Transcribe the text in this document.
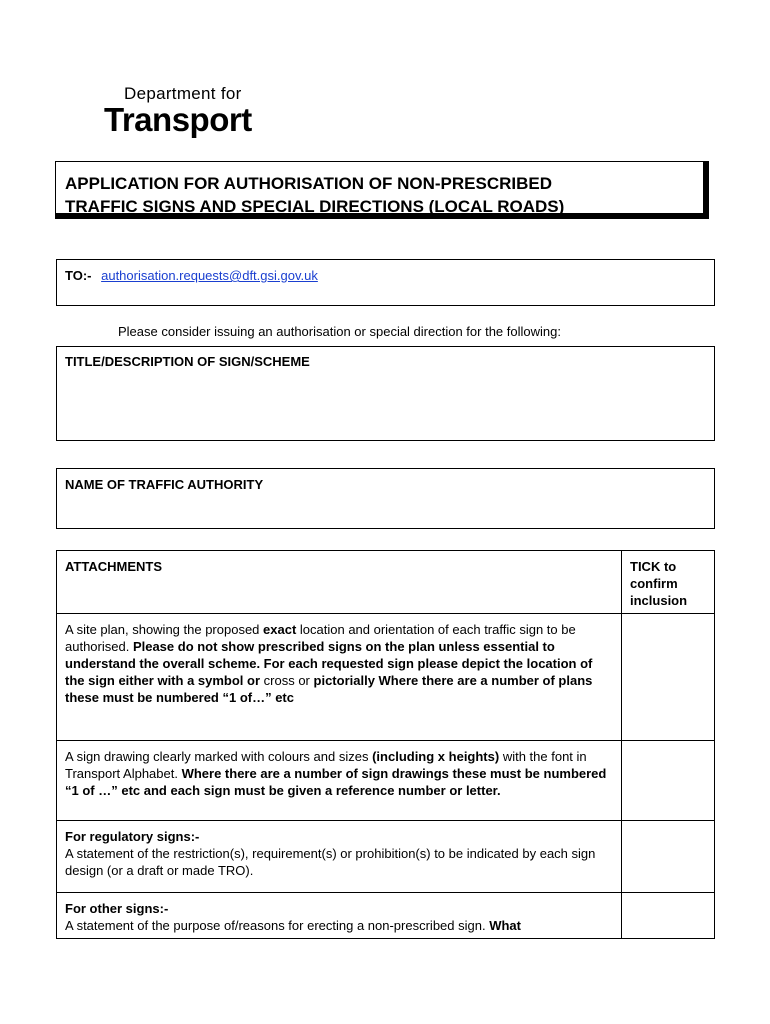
Department for
Transport
APPLICATION FOR AUTHORISATION OF NON-PRESCRIBED
TRAFFIC SIGNS AND SPECIAL DIRECTIONS (LOCAL ROADS)
TO:- authorisation.requests@dft.gsi.gov.uk
Please consider issuing an authorisation or special direction for the following:
TITLE/DESCRIPTION OF SIGN/SCHEME
NAME OF TRAFFIC AUTHORITY
ATTACHMENTS	TICK to
confirm
inclusion

A site plan, showing the proposed exact location and orientation of each traffic sign to be authorised. Please do not show prescribed signs on the plan unless essential to understand the overall scheme. For each requested sign please depict the location of the sign either with a symbol or cross or pictorially Where there are a number of plans these must be numbered “1 of…” etc	
A sign drawing clearly marked with colours and sizes (including x heights) with the font in Transport Alphabet. Where there are a number of sign drawings these must be numbered “1 of …” etc and each sign must be given a reference number or letter.	

For regulatory signs:-
A statement of the restriction(s), requirement(s) or prohibition(s) to be indicated by each sign design (or a draft or made TRO).	

For other signs:-
A statement of the purpose of/reasons for erecting a non-prescribed sign. What	
